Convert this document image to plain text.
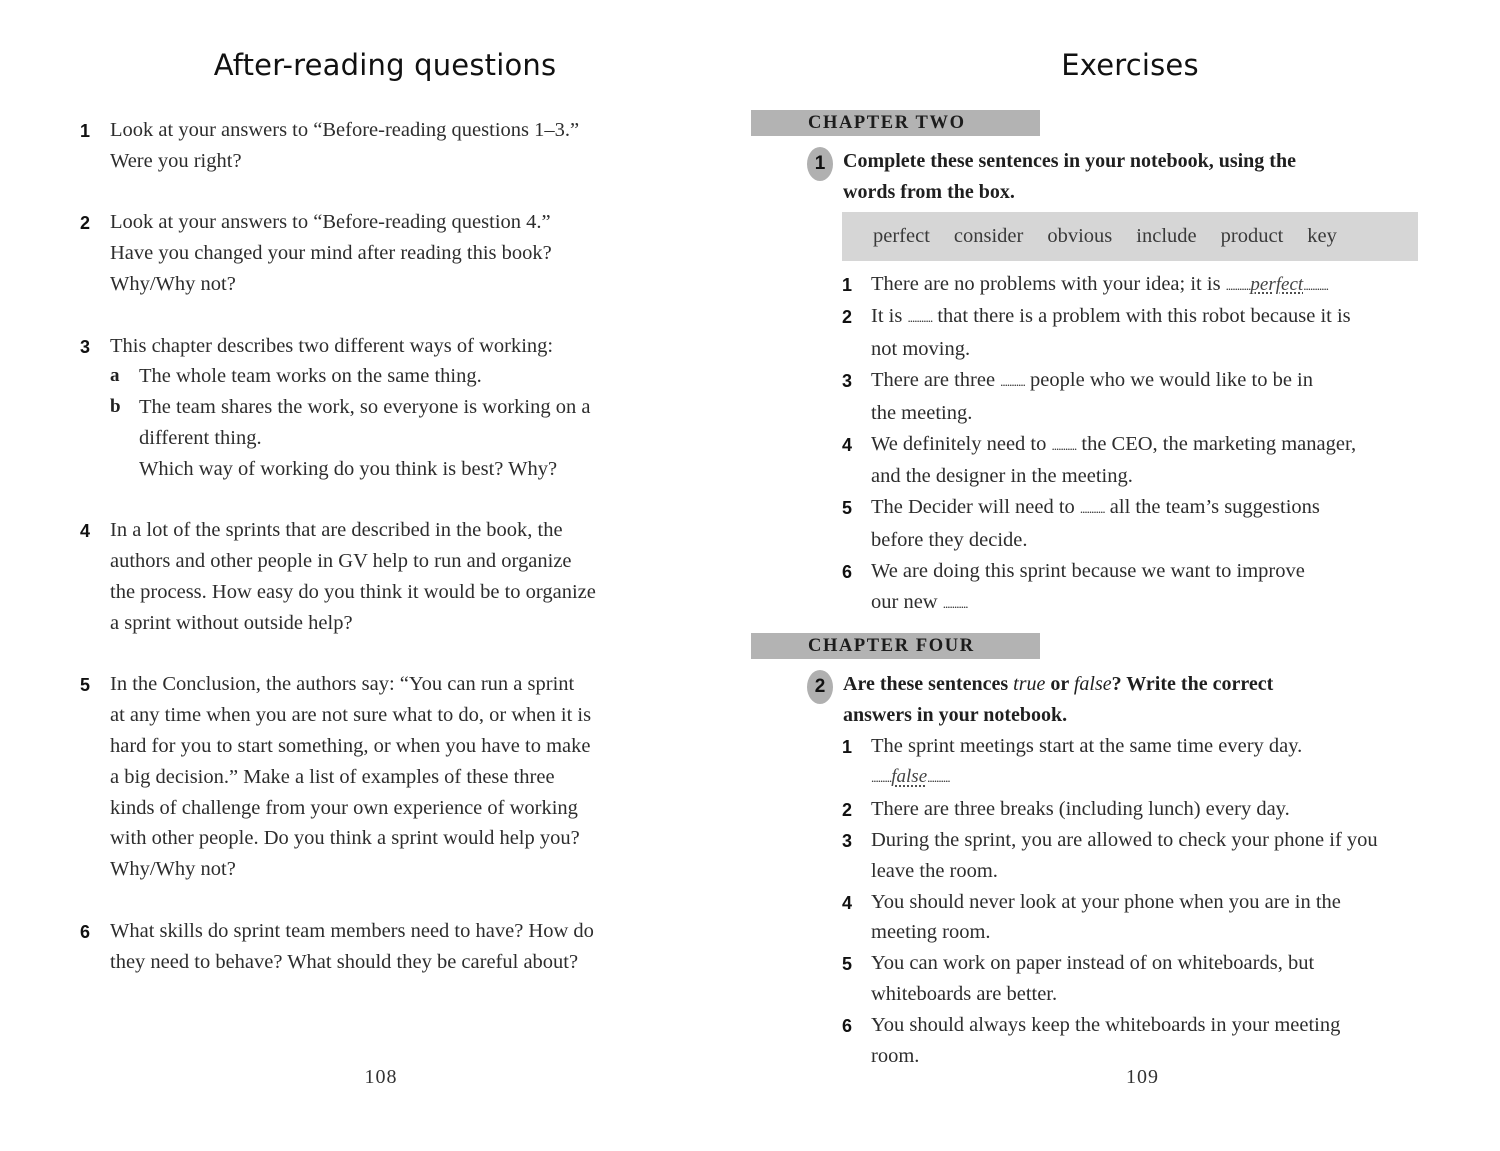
After-reading questions
1 Look at your answers to “Before-reading questions 1–3.”
Were you right?
2 Look at your answers to “Before-reading question 4.”
Have you changed your mind after reading this book?
Why/Why not?
3 This chapter describes two different ways of working:
a The whole team works on the same thing.
b The team shares the work, so everyone is working on a
different thing.
Which way of working do you think is best? Why?
4 In a lot of the sprints that are described in the book, the
authors and other people in GV help to run and organize
the process. How easy do you think it would be to organize
a sprint without outside help?
5 In the Conclusion, the authors say: “You can run a sprint
at any time when you are not sure what to do, or when it is
hard for you to start something, or when you have to make
a big decision.” Make a list of examples of these three
kinds of challenge from your own experience of working
with other people. Do you think a sprint would help you?
Why/Why not?
6 What skills do sprint team members need to have? How do
they need to behave? What should they be careful about?
108
Exercises
CHAPTER TWO
1 Complete these sentences in your notebook, using the
words from the box.
perfect consider obvious include product key
1 There are no problems with your idea; it is ...........perfect...........
2 It is ........... that there is a problem with this robot because it is
not moving.
3 There are three ........... people who we would like to be in
the meeting.
4 We definitely need to ........... the CEO, the marketing manager,
and the designer in the meeting.
5 The Decider will need to ........... all the team’s suggestions
before they decide.
6 We are doing this sprint because we want to improve
our new ...........
CHAPTER FOUR
2 Are these sentences true or false? Write the correct
answers in your notebook.
1 The sprint meetings start at the same time every day.
.........false..........
2 There are three breaks (including lunch) every day.
3 During the sprint, you are allowed to check your phone if you
leave the room.
4 You should never look at your phone when you are in the
meeting room.
5 You can work on paper instead of on whiteboards, but
whiteboards are better.
6 You should always keep the whiteboards in your meeting
room.
109
